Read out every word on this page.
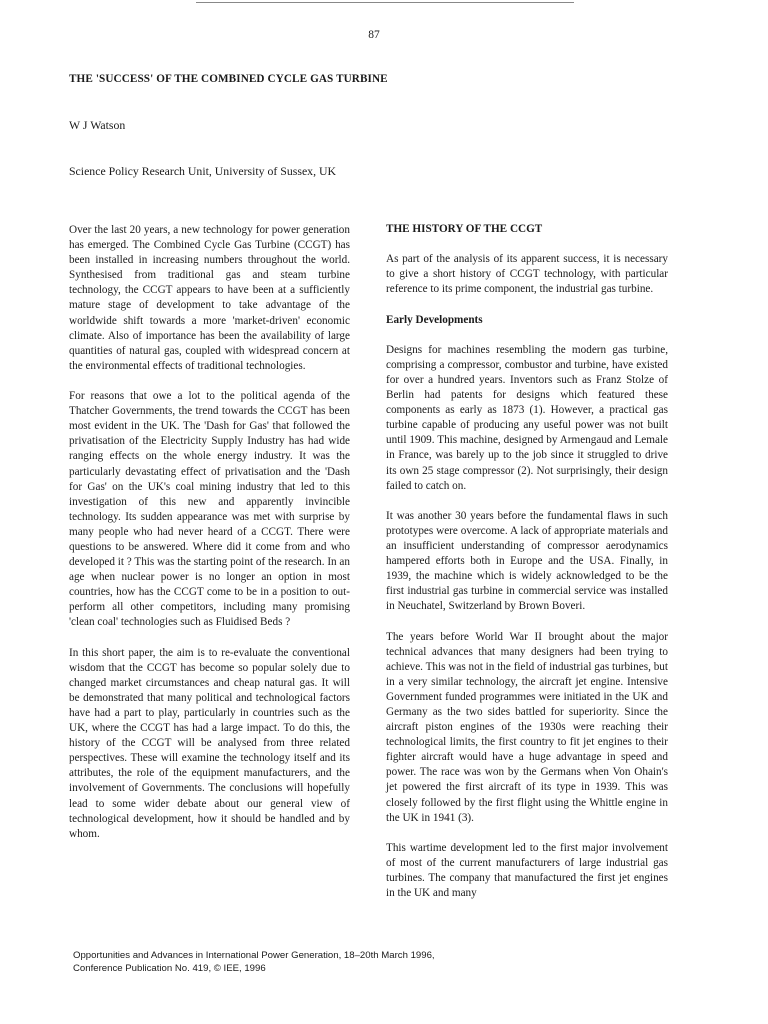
87
THE 'SUCCESS' OF THE COMBINED CYCLE GAS TURBINE
W J Watson
Science Policy Research Unit, University of Sussex, UK

Over the last 20 years, a new technology for power generation has emerged. The Combined Cycle Gas Turbine (CCGT) has been installed in increasing numbers throughout the world. Synthesised from traditional gas and steam turbine technology, the CCGT appears to have been at a sufficiently mature stage of development to take advantage of the worldwide shift towards a more 'market-driven' economic climate. Also of importance has been the availability of large quantities of natural gas, coupled with widespread concern at the environmental effects of traditional technologies.

For reasons that owe a lot to the political agenda of the Thatcher Governments, the trend towards the CCGT has been most evident in the UK. The 'Dash for Gas' that followed the privatisation of the Electricity Supply Industry has had wide ranging effects on the whole energy industry. It was the particularly devastating effect of privatisation and the 'Dash for Gas' on the UK's coal mining industry that led to this investigation of this new and apparently invincible technology. Its sudden appearance was met with surprise by many people who had never heard of a CCGT. There were questions to be answered. Where did it come from and who developed it ? This was the starting point of the research. In an age when nuclear power is no longer an option in most countries, how has the CCGT come to be in a position to out-perform all other competitors, including many promising 'clean coal' technologies such as Fluidised Beds ?

In this short paper, the aim is to re-evaluate the conventional wisdom that the CCGT has become so popular solely due to changed market circumstances and cheap natural gas. It will be demonstrated that many political and technological factors have had a part to play, particularly in countries such as the UK, where the CCGT has had a large impact. To do this, the history of the CCGT will be analysed from three related perspectives. These will examine the technology itself and its attributes, the role of the equipment manufacturers, and the involvement of Governments. The conclusions will hopefully lead to some wider debate about our general view of technological development, how it should be handled and by whom.

THE HISTORY OF THE CCGT

As part of the analysis of its apparent success, it is necessary to give a short history of CCGT technology, with particular reference to its prime component, the industrial gas turbine.

Early Developments

Designs for machines resembling the modern gas turbine, comprising a compressor, combustor and turbine, have existed for over a hundred years. Inventors such as Franz Stolze of Berlin had patents for designs which featured these components as early as 1873 (1). However, a practical gas turbine capable of producing any useful power was not built until 1909. This machine, designed by Armengaud and Lemale in France, was barely up to the job since it struggled to drive its own 25 stage compressor (2). Not surprisingly, their design failed to catch on.

It was another 30 years before the fundamental flaws in such prototypes were overcome. A lack of appropriate materials and an insufficient understanding of compressor aerodynamics hampered efforts both in Europe and the USA. Finally, in 1939, the machine which is widely acknowledged to be the first industrial gas turbine in commercial service was installed in Neuchatel, Switzerland by Brown Boveri.

The years before World War II brought about the major technical advances that many designers had been trying to achieve. This was not in the field of industrial gas turbines, but in a very similar technology, the aircraft jet engine. Intensive Government funded programmes were initiated in the UK and Germany as the two sides battled for superiority. Since the aircraft piston engines of the 1930s were reaching their technological limits, the first country to fit jet engines to their fighter aircraft would have a huge advantage in speed and power. The race was won by the Germans when Von Ohain's jet powered the first aircraft of its type in 1939. This was closely followed by the first flight using the Whittle engine in the UK in 1941 (3).

This wartime development led to the first major involvement of most of the current manufacturers of large industrial gas turbines. The company that manufactured the first jet engines in the UK and many

Opportunities and Advances in International Power Generation, 18–20th March 1996,
Conference Publication No. 419, © IEE, 1996
